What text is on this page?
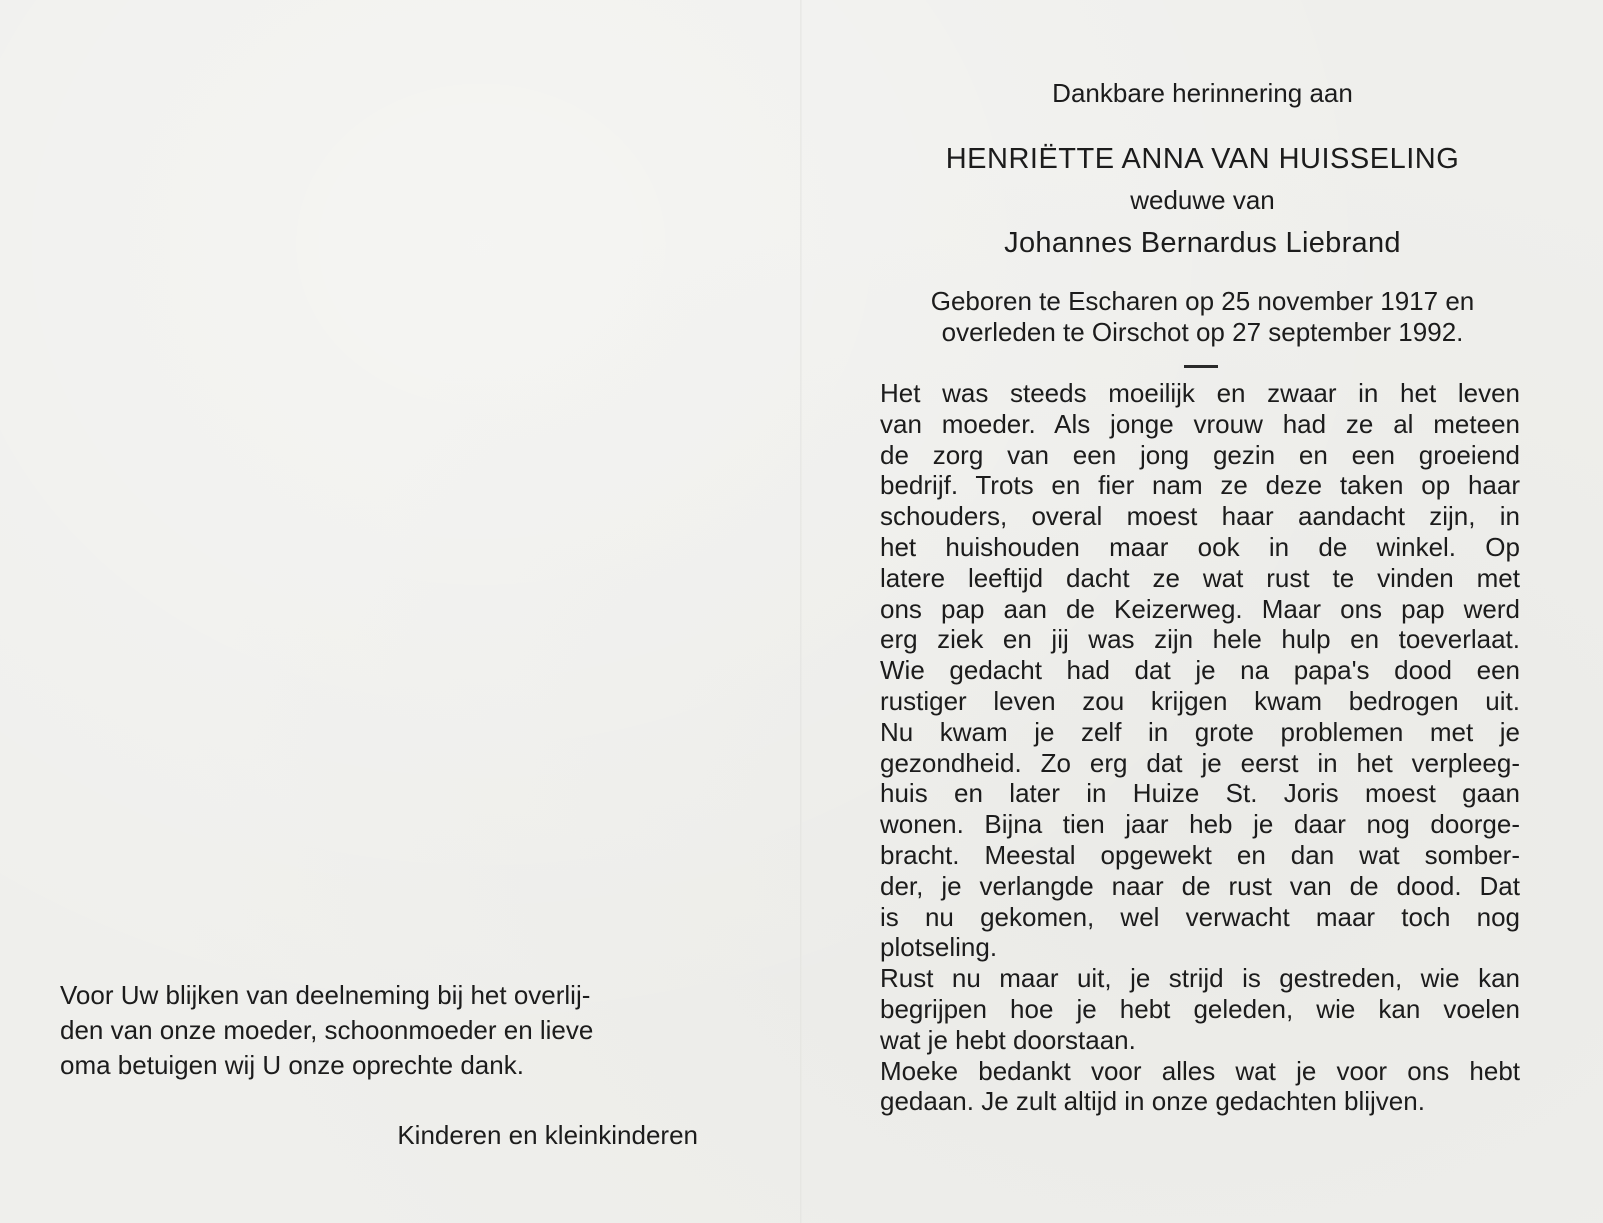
Voor Uw blijken van deelneming bij het overlij-
den van onze moeder, schoonmoeder en lieve
oma betuigen wij U onze oprechte dank.

Kinderen en kleinkinderen

Dankbare herinnering aan

HENRIËTTE ANNA VAN HUISSELING

weduwe van

Johannes Bernardus Liebrand

Geboren te Escharen op 25 november 1917 en
overleden te Oirschot op 27 september 1992.

Het was steeds moeilijk en zwaar in het leven
van moeder. Als jonge vrouw had ze al meteen
de zorg van een jong gezin en een groeiend
bedrijf. Trots en fier nam ze deze taken op haar
schouders, overal moest haar aandacht zijn, in
het huishouden maar ook in de winkel. Op
latere leeftijd dacht ze wat rust te vinden met
ons pap aan de Keizerweg. Maar ons pap werd
erg ziek en jij was zijn hele hulp en toeverlaat.
Wie gedacht had dat je na papa's dood een
rustiger leven zou krijgen kwam bedrogen uit.
Nu kwam je zelf in grote problemen met je
gezondheid. Zo erg dat je eerst in het verpleeg-
huis en later in Huize St. Joris moest gaan
wonen. Bijna tien jaar heb je daar nog doorge-
bracht. Meestal opgewekt en dan wat somber-
der, je verlangde naar de rust van de dood. Dat
is nu gekomen, wel verwacht maar toch nog
plotseling.
Rust nu maar uit, je strijd is gestreden, wie kan
begrijpen hoe je hebt geleden, wie kan voelen
wat je hebt doorstaan.
Moeke bedankt voor alles wat je voor ons hebt
gedaan. Je zult altijd in onze gedachten blijven.
